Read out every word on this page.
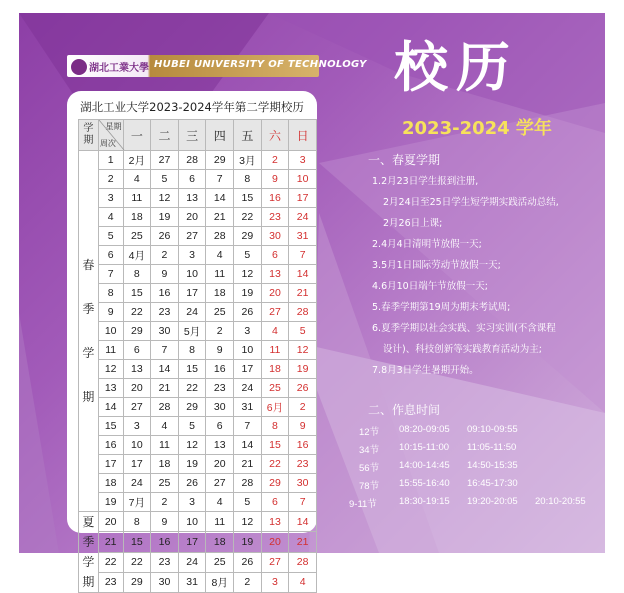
湖北工業大學 HUBEI UNIVERSITY OF TECHNOLOGY 校历
2023-2024 学年
湖北工业大学2023-2024学年第二学期校历
学期	星期
周次	一	二	三	四	五	六	日

春
季
学
期	1	2月	27	28	29	3月	2	3
	2	4	5	6	7	8	9	10
	3	11	12	13	14	15	16	17
	4	18	19	20	21	22	23	24
	5	25	26	27	28	29	30	31
	6	4月	2	3	4	5	6	7
	7	8	9	10	11	12	13	14
	8	15	16	17	18	19	20	21
	9	22	23	24	25	26	27	28
	10	29	30	5月	2	3	4	5
	11	6	7	8	9	10	11	12
	12	13	14	15	16	17	18	19
	13	20	21	22	23	24	25	26
	14	27	28	29	30	31	6月	2
	15	3	4	5	6	7	8	9
	16	10	11	12	13	14	15	16
	17	17	18	19	20	21	22	23
	18	24	25	26	27	28	29	30
	19	7月	2	3	4	5	6	7

夏
季
学
期	20	8	9	10	11	12	13	14
	21	15	16	17	18	19	20	21
	22	22	23	24	25	26	27	28
	23	29	30	31	8月	2	3	4
一、春夏学期
1.2月23日学生报到注册,
2月24日至25日学生短学期实践活动总结,
2月26日上课;
2.4月4日清明节放假一天;
3.5月1日国际劳动节放假一天;
4.6月10日端午节放假一天;
5.春季学期第19周为期末考试周;
6.夏季学期以社会实践、实习实训(不含课程
设计)、科技创新等实践教育活动为主;
7.8月3日学生暑期开始。
二、作息时间
12节 08:20-09:05 09:10-09:55
34节 10:15-11:00 11:05-11:50
56节 14:00-14:45 14:50-15:35
78节 15:55-16:40 16:45-17:30
9-11节 18:30-19:15 19:20-20:05 20:10-20:55
